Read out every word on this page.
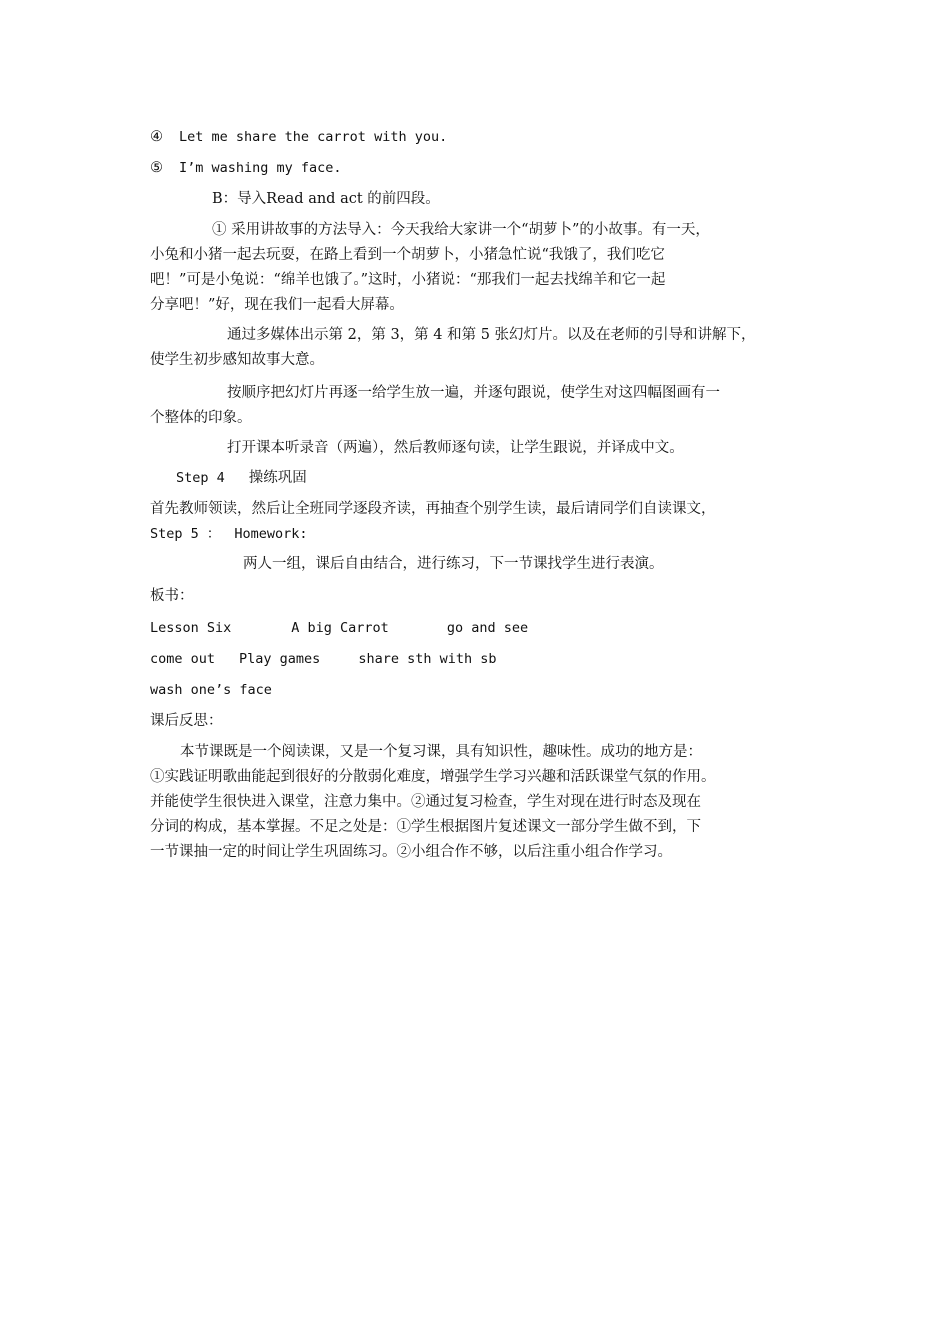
④ Let me share the carrot with you.

⑤ I’m washing my face.

B：导入Read and act 的前四段。

① 采用讲故事的方法导入：今天我给大家讲一个“胡萝卜”的小故事。有一天，

小兔和小猪一起去玩耍，在路上看到一个胡萝卜，小猪急忙说“我饿了，我们吃它

吧！”可是小兔说：“绵羊也饿了。”这时，小猪说：“那我们一起去找绵羊和它一起

分享吧！”好，现在我们一起看大屏幕。

通过多媒体出示第 2，第 3，第 4 和第 5 张幻灯片。以及在老师的引导和讲解下，

使学生初步感知故事大意。

按顺序把幻灯片再逐一给学生放一遍，并逐句跟说，使学生对这四幅图画有一

个整体的印象。

打开课本听录音（两遍），然后教师逐句读，让学生跟说，并译成中文。

Step 4 操练巩固

首先教师领读，然后让全班同学逐段齐读，再抽查个别学生读，最后请同学们自读课文，

Step 5 ： Homework:

两人一组，课后自由结合，进行练习，下一节课找学生进行表演。

板书：

Lesson Six	A big Carrot	go and see

come out Play games	share sth with sb

wash one’s face

课后反思：

本节课既是一个阅读课，又是一个复习课，具有知识性，趣味性。成功的地方是：

①实践证明歌曲能起到很好的分散弱化难度，增强学生学习兴趣和活跃课堂气氛的作用。

并能使学生很快进入课堂，注意力集中。②通过复习检查，学生对现在进行时态及现在

分词的构成，基本掌握。不足之处是：①学生根据图片复述课文一部分学生做不到，下

一节课抽一定的时间让学生巩固练习。②小组合作不够，以后注重小组合作学习。
